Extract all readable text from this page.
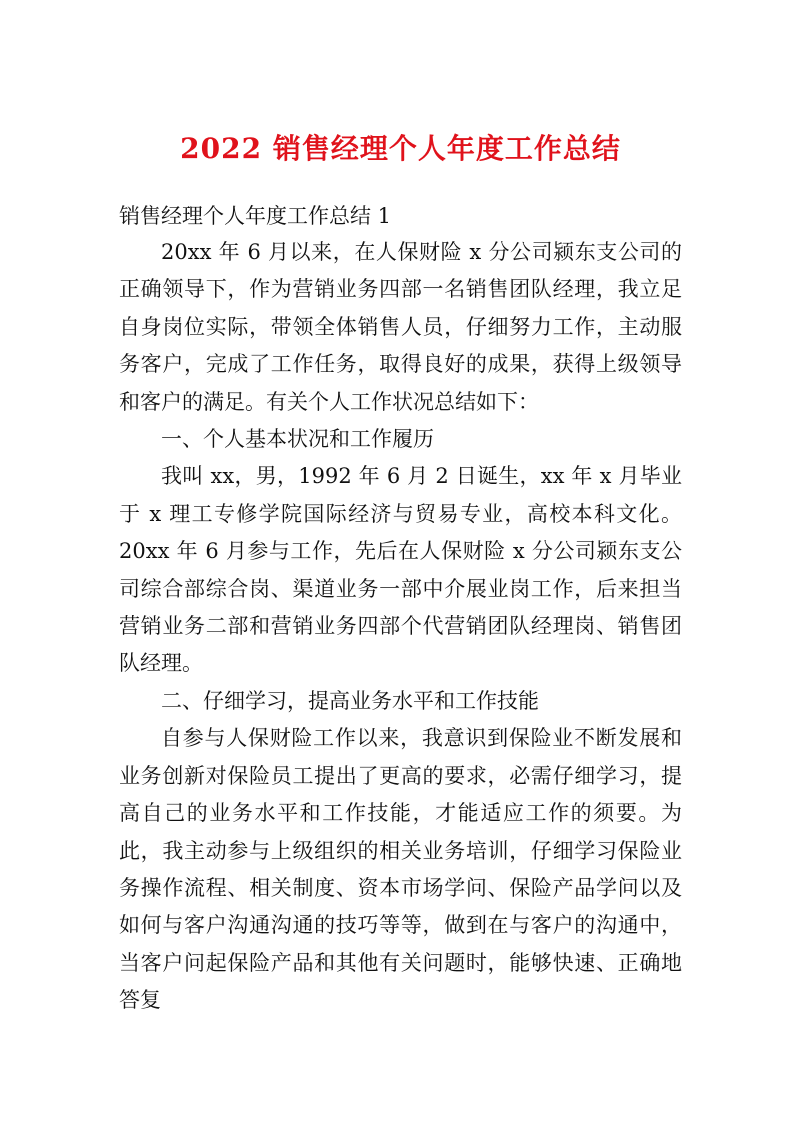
2022 销售经理个人年度工作总结

销售经理个人年度工作总结 1

20xx 年 6 月以来，在人保财险 x 分公司颍东支公司的正确领导下，作为营销业务四部一名销售团队经理，我立足自身岗位实际，带领全体销售人员，仔细努力工作，主动服务客户，完成了工作任务，取得良好的成果，获得上级领导和客户的满足。有关个人工作状况总结如下：

一、个人基本状况和工作履历

我叫 xx，男，1992 年 6 月 2 日诞生，xx 年 x 月毕业于 x 理工专修学院国际经济与贸易专业，高校本科文化。20xx 年 6 月参与工作，先后在人保财险 x 分公司颍东支公司综合部综合岗、渠道业务一部中介展业岗工作，后来担当营销业务二部和营销业务四部个代营销团队经理岗、销售团队经理。

二、仔细学习，提高业务水平和工作技能

自参与人保财险工作以来，我意识到保险业不断发展和业务创新对保险员工提出了更高的要求，必需仔细学习，提高自己的业务水平和工作技能，才能适应工作的须要。为此，我主动参与上级组织的相关业务培训，仔细学习保险业务操作流程、相关制度、资本市场学问、保险产品学问以及如何与客户沟通沟通的技巧等等，做到在与客户的沟通中，当客户问起保险产品和其他有关问题时，能够快速、正确地答复
